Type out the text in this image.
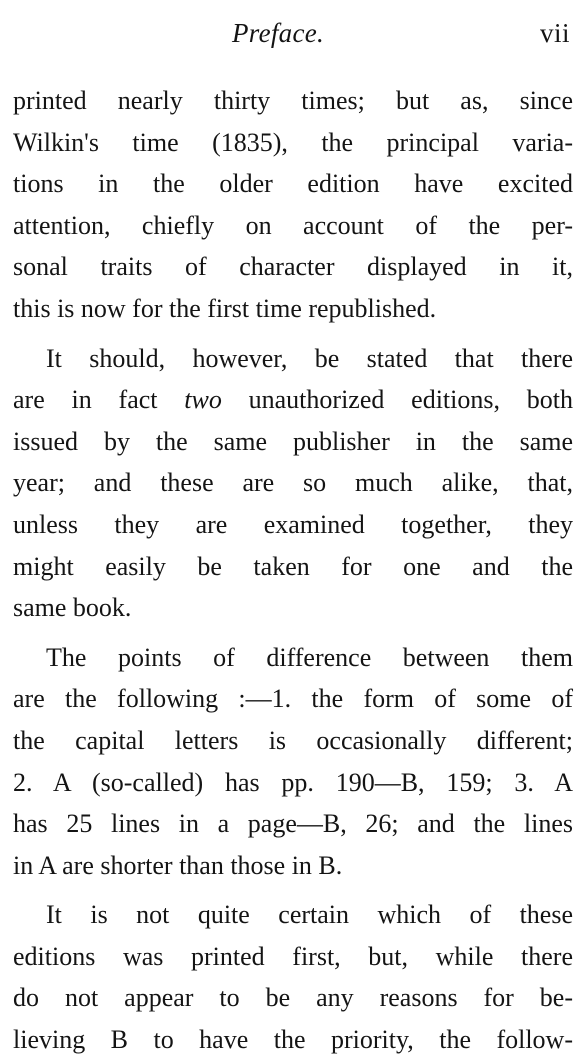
Preface.	vii
printed nearly thirty times; but as, since
Wilkin's time (1835), the principal varia-
tions in the older edition have excited
attention, chiefly on account of the per-
sonal traits of character displayed in it,
this is now for the first time republished.
It should, however, be stated that there
are in fact two unauthorized editions, both
issued by the same publisher in the same
year; and these are so much alike, that,
unless they are examined together, they
might easily be taken for one and the
same book.
The points of difference between them
are the following :—1. the form of some of
the capital letters is occasionally different;
2. A (so-called) has pp. 190—B, 159; 3. A
has 25 lines in a page—B, 26; and the lines
in A are shorter than those in B.
It is not quite certain which of these
editions was printed first, but, while there
do not appear to be any reasons for be-
lieving B to have the priority, the follow-
